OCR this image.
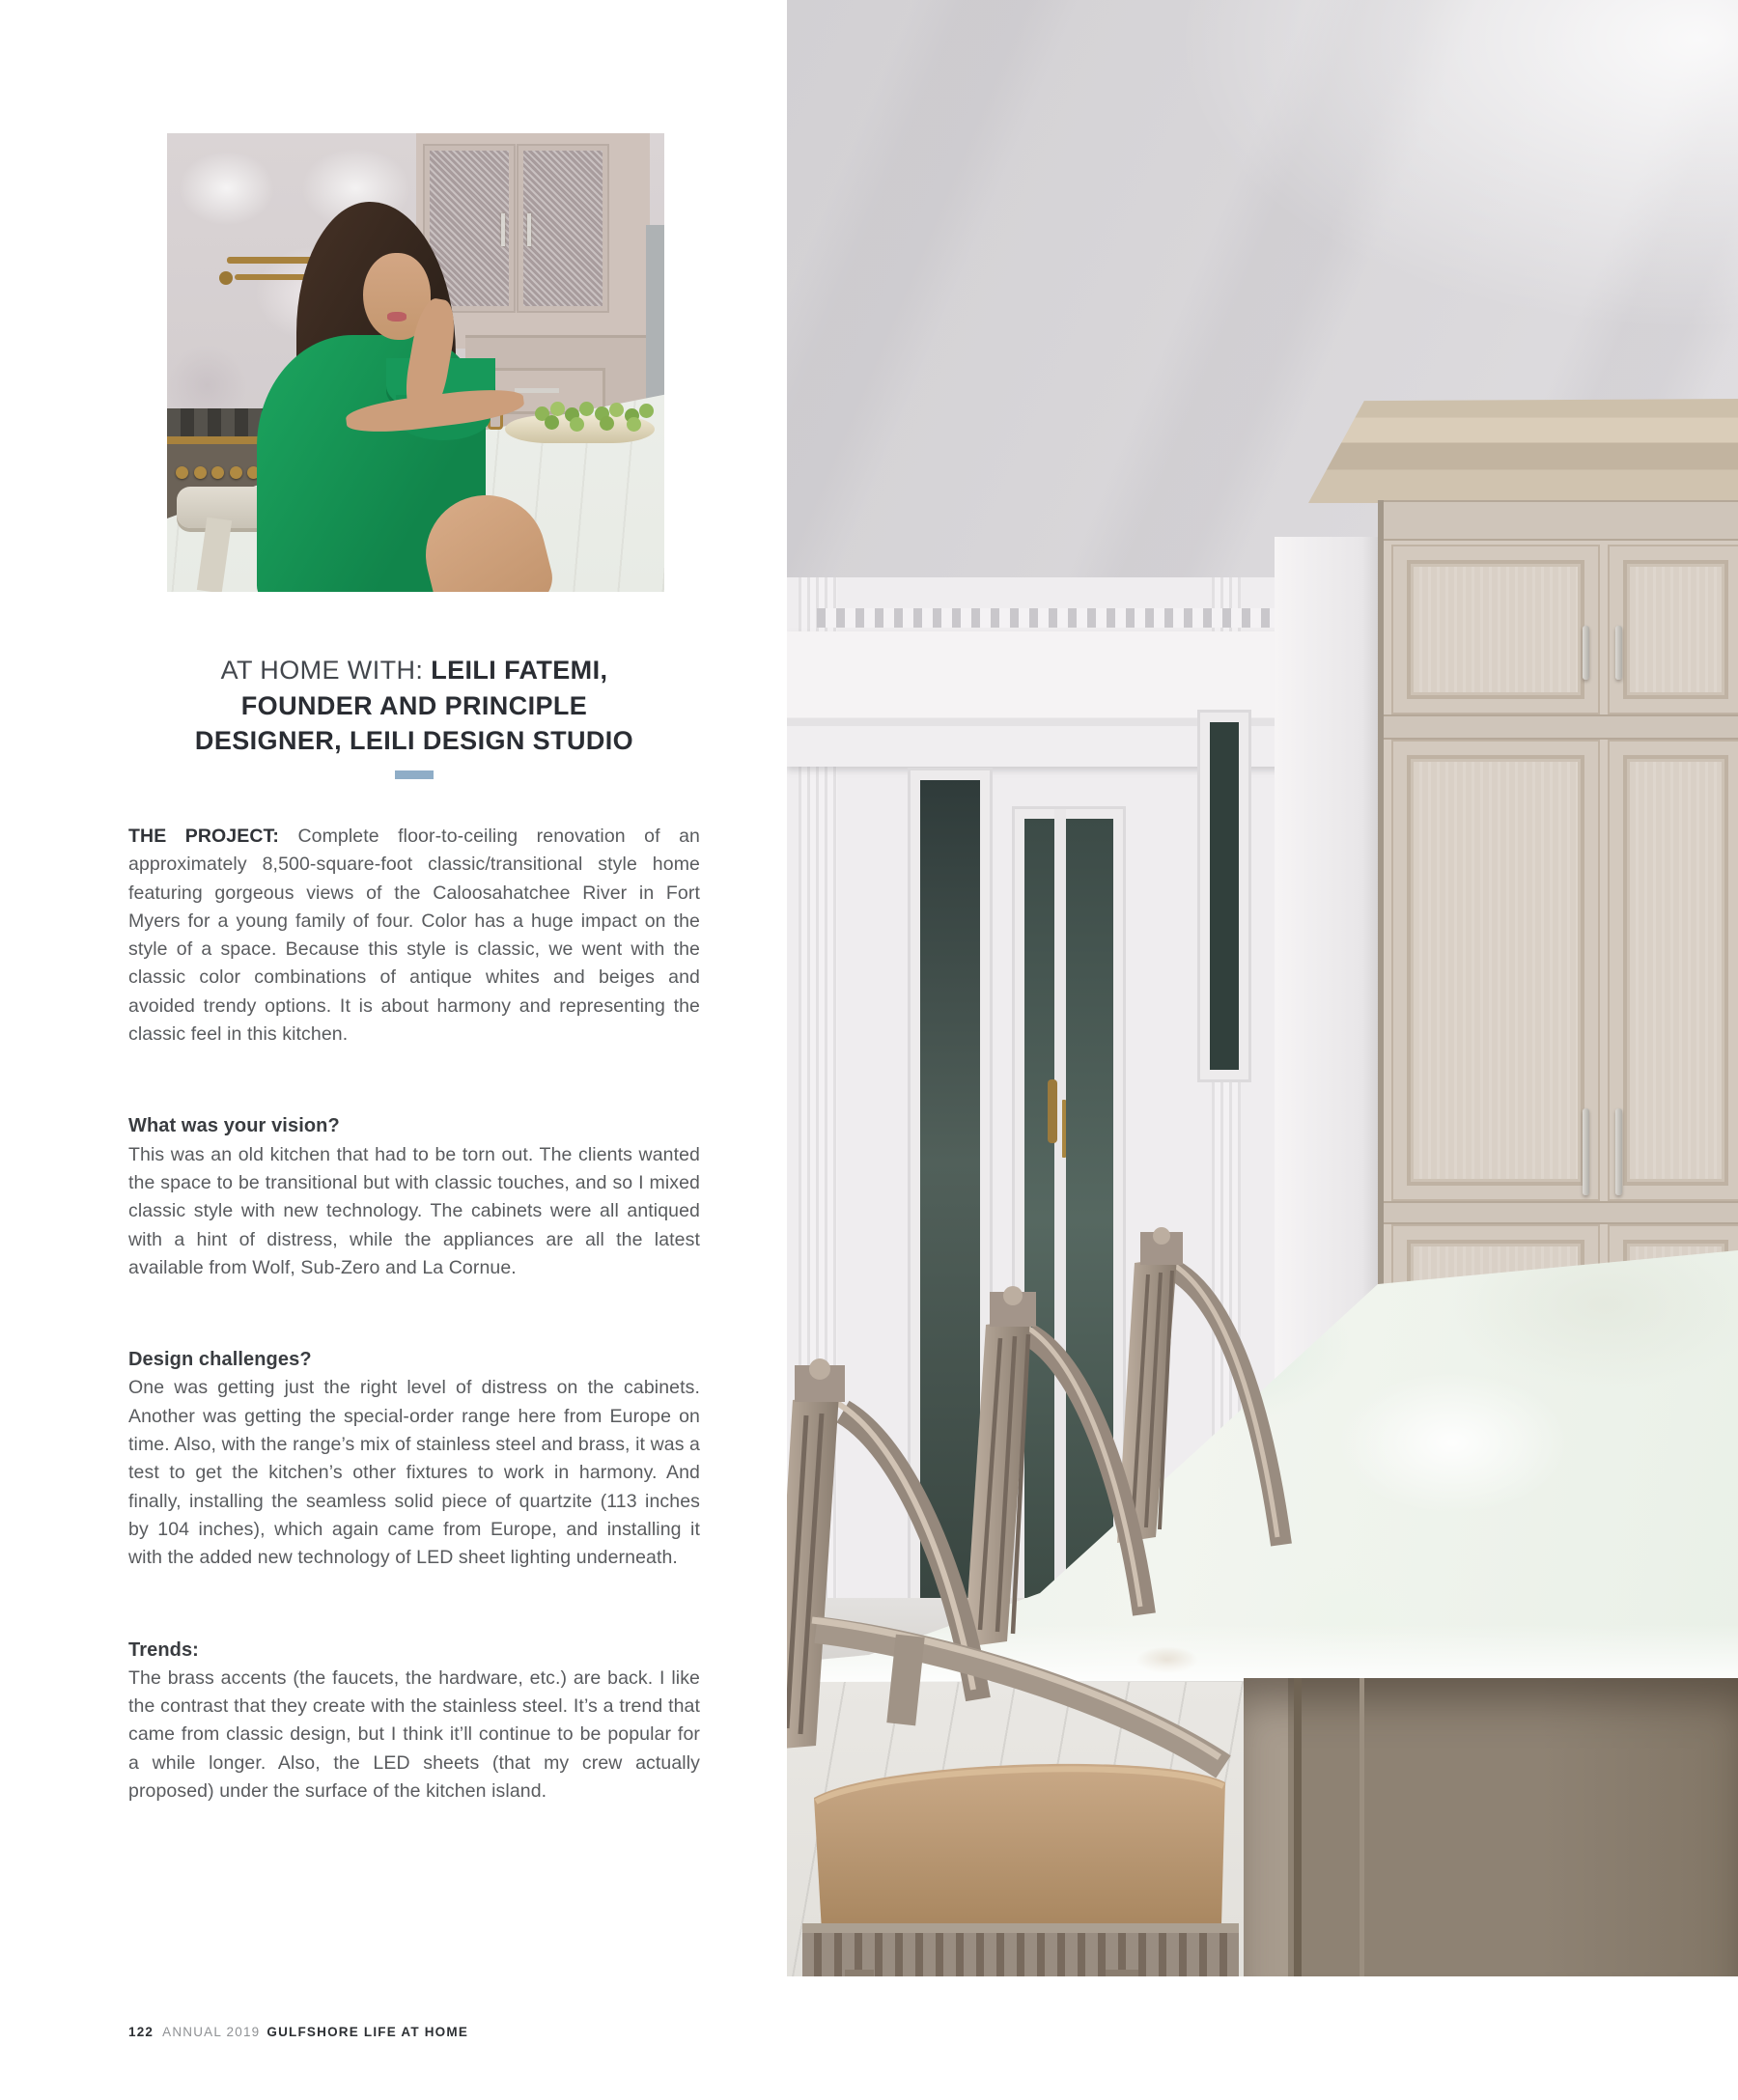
AT HOME WITH: LEILI FATEMI,
FOUNDER AND PRINCIPLE
DESIGNER, LEILI DESIGN STUDIO

THE PROJECT: Complete floor-to-ceiling renovation of an approximately 8,500-square-foot classic/transitional style home featuring gorgeous views of the Caloosahatchee River in Fort Myers for a young family of four. Color has a huge impact on the style of a space. Because this style is classic, we went with the classic color combinations of antique whites and beiges and avoided trendy options. It is about harmony and representing the classic feel in this kitchen.

What was your vision?

This was an old kitchen that had to be torn out. The clients wanted the space to be transitional but with classic touches, and so I mixed classic style with new technology. The cabinets were all antiqued with a hint of distress, while the appliances are all the latest available from Wolf, Sub-Zero and La Cornue.

Design challenges?

One was getting just the right level of distress on the cabinets. Another was getting the special-order range here from Europe on time. Also, with the range’s mix of stainless steel and brass, it was a test to get the kitchen’s other fixtures to work in harmony. And finally, installing the seamless solid piece of quartzite (113 inches by 104 inches), which again came from Europe, and installing it with the added new technology of LED sheet lighting underneath.

Trends:

The brass accents (the faucets, the hardware, etc.) are back. I like the contrast that they create with the stainless steel. It’s a trend that came from classic design, but I think it’ll continue to be popular for a while longer. Also, the LED sheets (that my crew actually proposed) under the surface of the kitchen island.

122 ANNUAL 2019 GULFSHORE LIFE AT HOME
